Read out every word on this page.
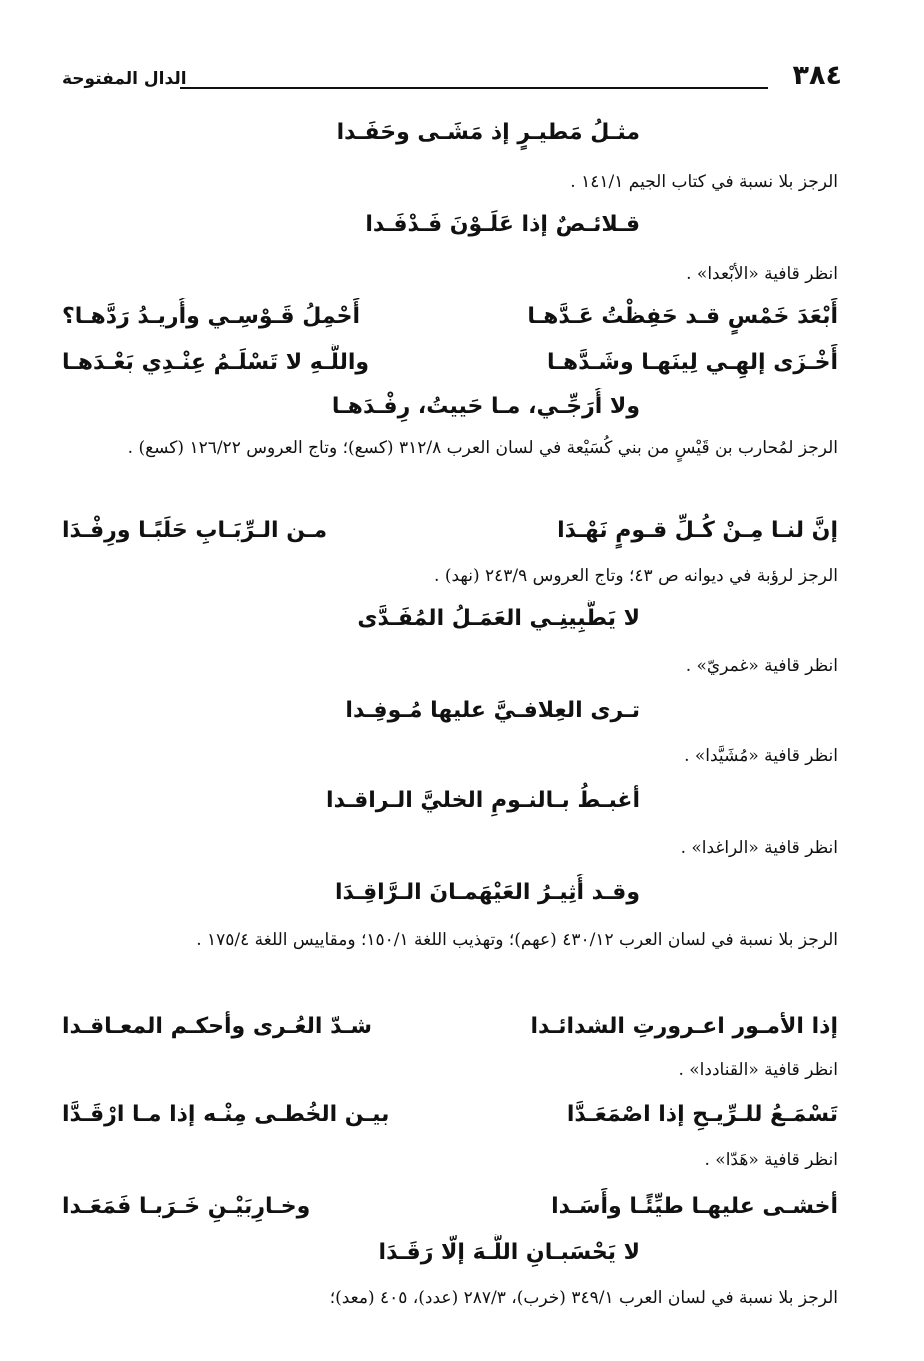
٣٨٤
الدال المفتوحة
مثـلُ مَطيـرٍ إذ مَشَـى وحَفَـدا
الرجز بلا نسبة في كتاب الجيم ١٤١/١ .
قـلائـصٌ إذا عَلَـوْنَ فَـدْفَـدا
انظر قافية «الأبْعدا» .
أَبْعَدَ خَمْسٍ قـد حَفِظْتُ عَـدَّهـا
أَحْمِلُ قَـوْسِـي وأُريـدُ رَدَّهـا؟
أَخْـزَى إلهِـي لِينَهـا وشَـدَّهـا
واللَّـهِ لا تَسْلَـمُ عِنْـدِي بَعْـدَهـا
ولا أُرَجِّـي، مـا حَييتُ، رِفْـدَهـا
الرجز لمُحارب بن قَيْسٍ من بني كُسَيْعة في لسان العرب ٣١٢/٨ (كسع)؛ وتاج العروس ١٢٦/٢٢ (كسع) .
إنَّ لنـا مِـنْ كُـلِّ قـومٍ نَهْـدَا
مـن الـرِّبَـابِ حَلَبًـا ورِفْـدَا
الرجز لرؤبة في ديوانه ص ٤٣؛ وتاج العروس ٢٤٣/٩ (نهد) .
لا يَطَّبِينِـي العَمَـلُ المُفَـدَّى
انظر قافية «غمريّ» .
تـرى العِلافـيَّ عليها مُـوفِـدا
انظر قافية «مُشَيَّدا» .
أغبـطُ بـالنـومِ الخليَّ الـراقـدا
انظر قافية «الراغدا» .
وقـد أُثِيـرُ العَيْهَمـانَ الـرَّاقِـدَا
الرجز بلا نسبة في لسان العرب ٤٣٠/١٢ (عهم)؛ وتهذيب اللغة ١٥٠/١؛ ومقاييس اللغة ١٧٥/٤ .
إذا الأمـور اعـرورتِ الشدائـدا
شـدّ العُـرى وأحكـم المعـاقـدا
انظر قافية «القناددا» .
تَسْمَـعُ للـرِّيـحِ إذا اصْمَعَـدَّا
بيـن الخُطـى مِنْـه إذا مـا ارْقَـدَّا
انظر قافية «هَدّا» .
أخشـى عليهـا طيِّئًـا وأَسَـدا
وخـارِبَيْـنِ خَـرَبـا فَمَعَـدا
لا يَحْسَبـانِ اللَّـهَ إلّا رَقَـدَا
الرجز بلا نسبة في لسان العرب ٣٤٩/١ (خرب)، ٢٨٧/٣ (عدد)، ٤٠٥ (معد)؛
